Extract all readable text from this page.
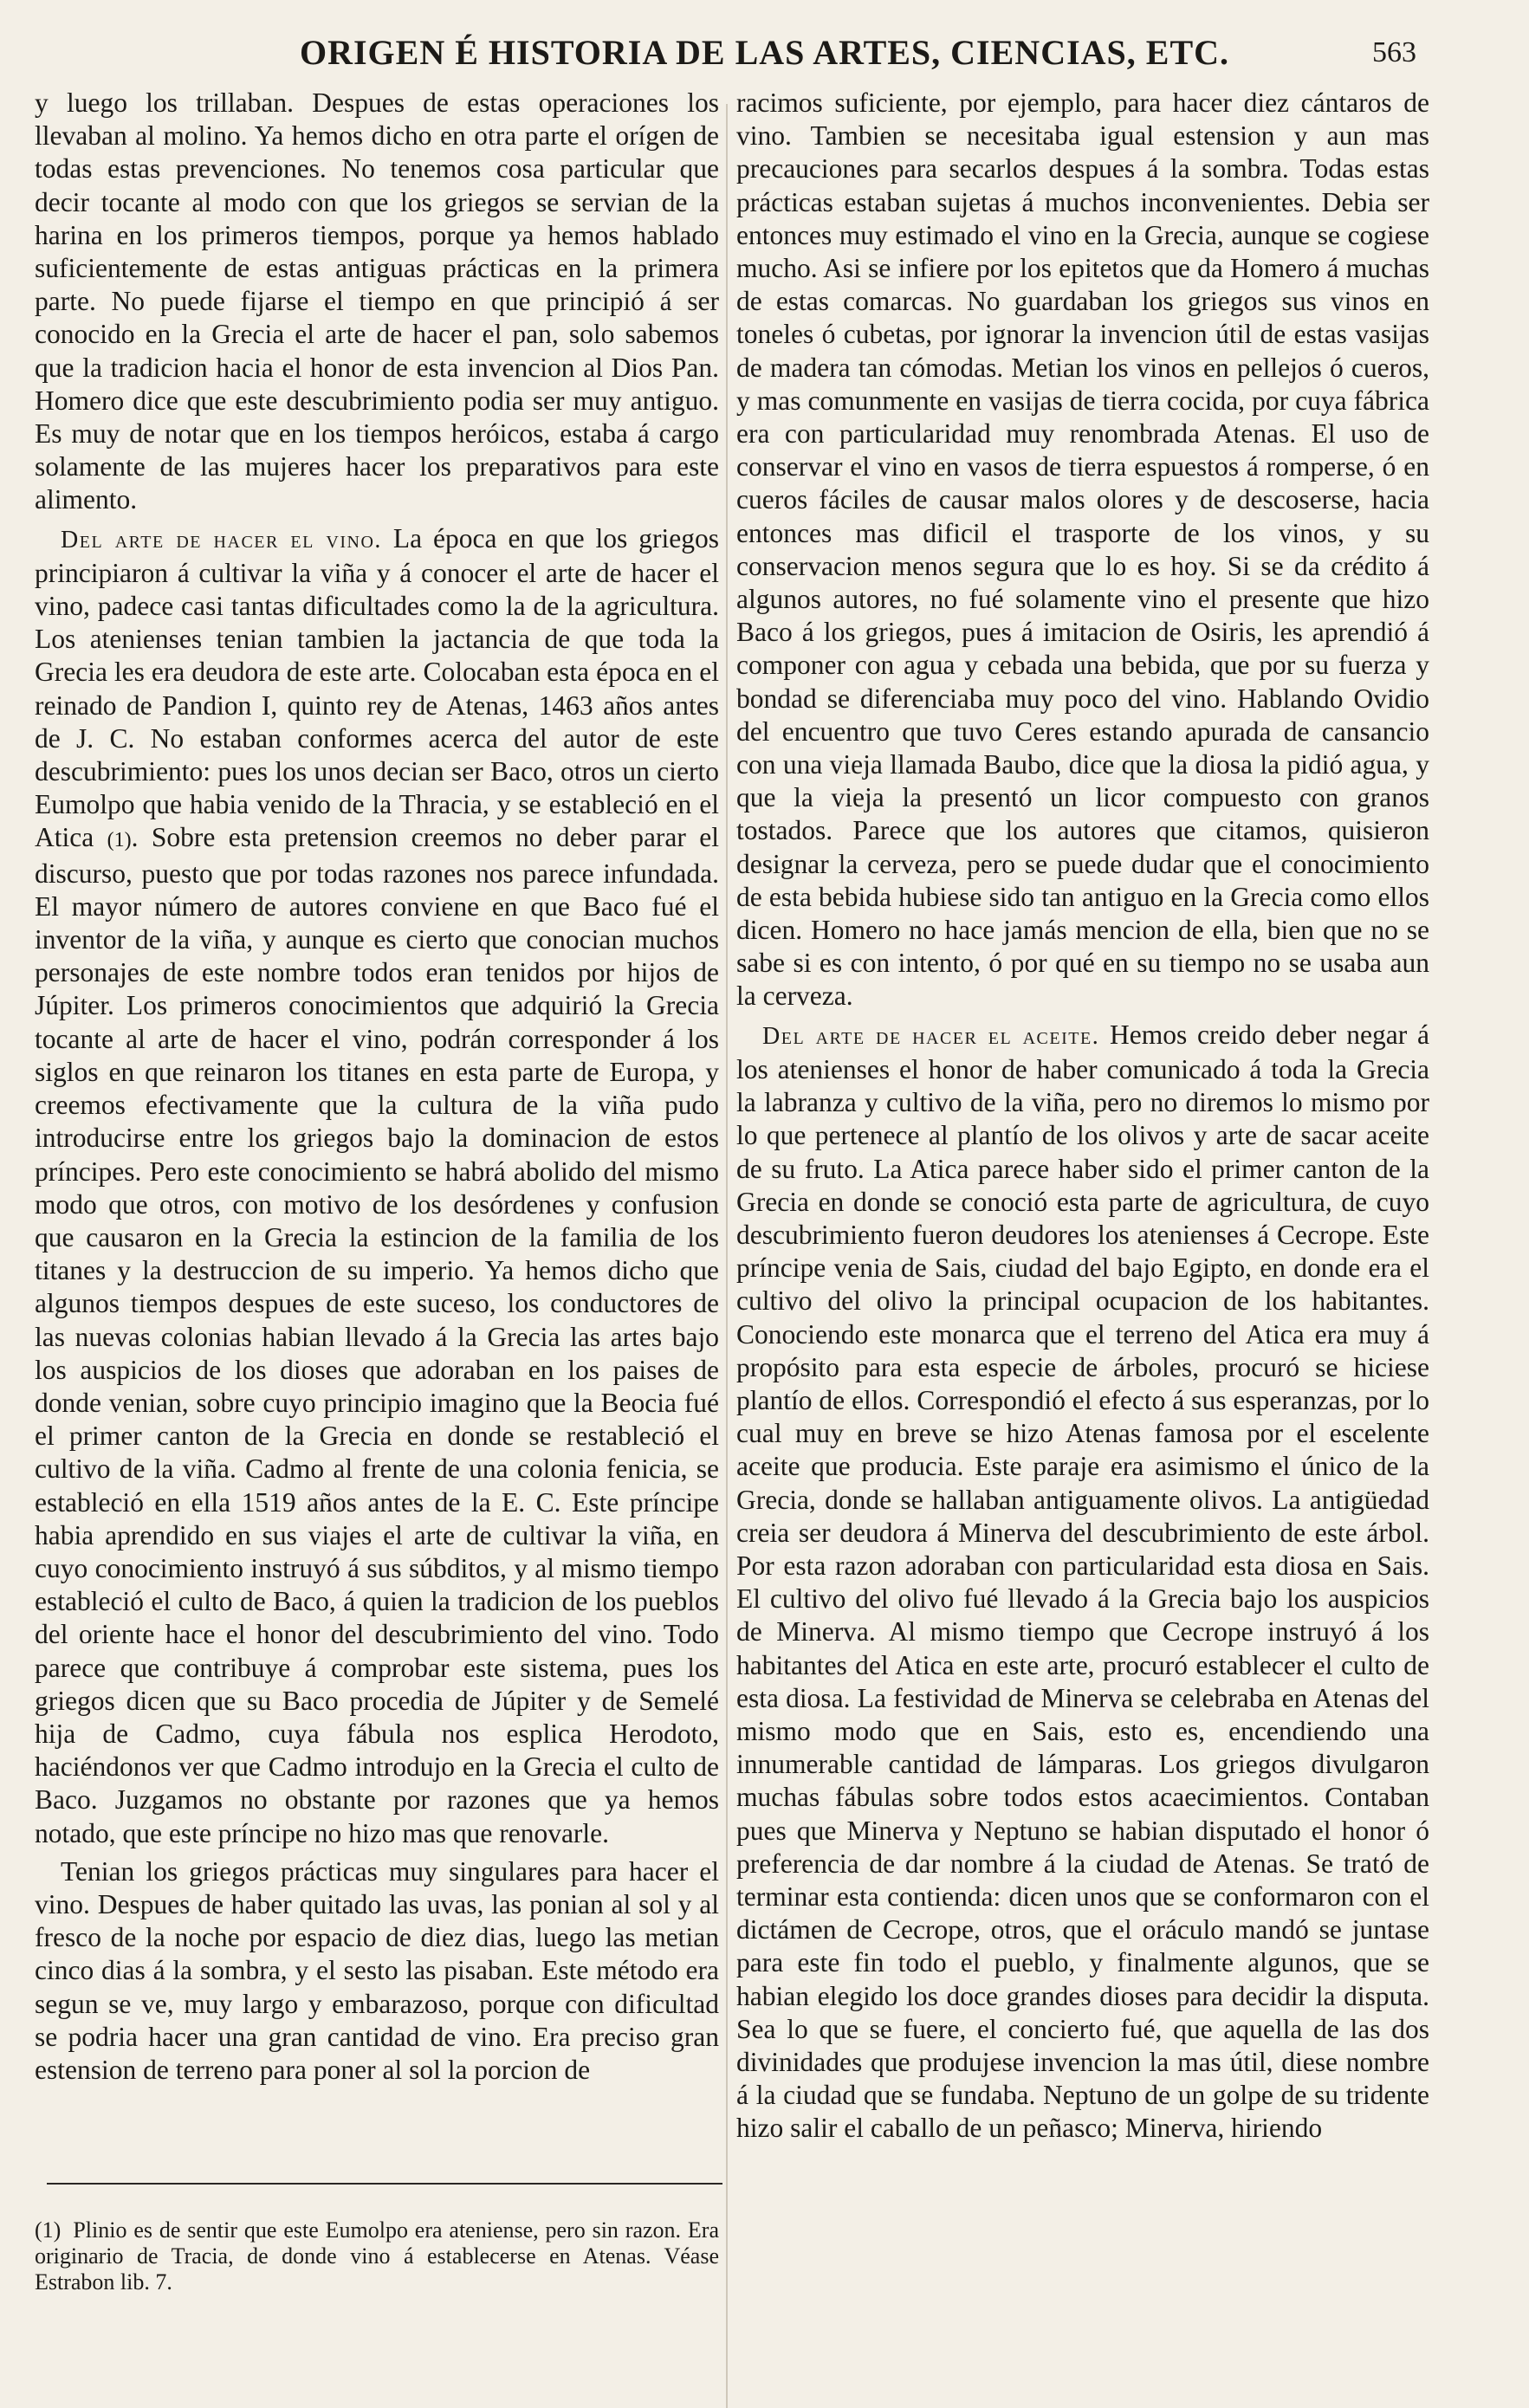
ORIGEN É HISTORIA DE LAS ARTES, CIENCIAS, ETC.	563

y luego los trillaban. Despues de estas operaciones los llevaban al molino. Ya hemos dicho en otra parte el orígen de todas estas prevenciones. No tenemos cosa particular que decir tocante al modo con que los griegos se servian de la harina en los primeros tiempos, porque ya hemos hablado suficientemente de estas antiguas prácticas en la primera parte. No puede fijarse el tiempo en que principió á ser conocido en la Grecia el arte de hacer el pan, solo sabemos que la tradicion hacia el honor de esta invencion al Dios Pan. Homero dice que este descubrimiento podia ser muy antiguo. Es muy de notar que en los tiempos heróicos, estaba á cargo solamente de las mujeres hacer los preparativos para este alimento.

Del arte de hacer el vino. La época en que los griegos principiaron á cultivar la viña y á conocer el arte de hacer el vino, padece casi tantas dificultades como la de la agricultura. Los atenienses tenian tambien la jactancia de que toda la Grecia les era deudora de este arte. Colocaban esta época en el reinado de Pandion I, quinto rey de Atenas, 1463 años antes de J. C. No estaban conformes acerca del autor de este descubrimiento: pues los unos decian ser Baco, otros un cierto Eumolpo que habia venido de la Thracia, y se estableció en el Atica (1). Sobre esta pretension creemos no deber parar el discurso, puesto que por todas razones nos parece infundada. El mayor número de autores conviene en que Baco fué el inventor de la viña, y aunque es cierto que conocian muchos personajes de este nombre todos eran tenidos por hijos de Júpiter. Los primeros conocimientos que adquirió la Grecia tocante al arte de hacer el vino, podrán corresponder á los siglos en que reinaron los titanes en esta parte de Europa, y creemos efectivamente que la cultura de la viña pudo introducirse entre los griegos bajo la dominacion de estos príncipes. Pero este conocimiento se habrá abolido del mismo modo que otros, con motivo de los desórdenes y confusion que causaron en la Grecia la estincion de la familia de los titanes y la destruccion de su imperio. Ya hemos dicho que algunos tiempos despues de este suceso, los conductores de las nuevas colonias habian llevado á la Grecia las artes bajo los auspicios de los dioses que adoraban en los paises de donde venian, sobre cuyo principio imagino que la Beocia fué el primer canton de la Grecia en donde se restableció el cultivo de la viña. Cadmo al frente de una colonia fenicia, se estableció en ella 1519 años antes de la E. C. Este príncipe habia aprendido en sus viajes el arte de cultivar la viña, en cuyo conocimiento instruyó á sus súbditos, y al mismo tiempo estableció el culto de Baco, á quien la tradicion de los pueblos del oriente hace el honor del descubrimiento del vino. Todo parece que contribuye á comprobar este sistema, pues los griegos dicen que su Baco procedia de Júpiter y de Semelé hija de Cadmo, cuya fábula nos esplica Herodoto, haciéndonos ver que Cadmo introdujo en la Grecia el culto de Baco. Juzgamos no obstante por razones que ya hemos notado, que este príncipe no hizo mas que renovarle.

Tenian los griegos prácticas muy singulares para hacer el vino. Despues de haber quitado las uvas, las ponian al sol y al fresco de la noche por espacio de diez dias, luego las metian cinco dias á la sombra, y el sesto las pisaban. Este método era segun se ve, muy largo y embarazoso, porque con dificultad se podria hacer una gran cantidad de vino. Era preciso gran estension de terreno para poner al sol la porcion de

(1) Plinio es de sentir que este Eumolpo era ateniense, pero sin razon. Era originario de Tracia, de donde vino á establecerse en Atenas. Véase Estrabon lib. 7.

racimos suficiente, por ejemplo, para hacer diez cántaros de vino. Tambien se necesitaba igual estension y aun mas precauciones para secarlos despues á la sombra. Todas estas prácticas estaban sujetas á muchos inconvenientes. Debia ser entonces muy estimado el vino en la Grecia, aunque se cogiese mucho. Asi se infiere por los epitetos que da Homero á muchas de estas comarcas. No guardaban los griegos sus vinos en toneles ó cubetas, por ignorar la invencion útil de estas vasijas de madera tan cómodas. Metian los vinos en pellejos ó cueros, y mas comunmente en vasijas de tierra cocida, por cuya fábrica era con particularidad muy renombrada Atenas. El uso de conservar el vino en vasos de tierra espuestos á romperse, ó en cueros fáciles de causar malos olores y de descoserse, hacia entonces mas dificil el trasporte de los vinos, y su conservacion menos segura que lo es hoy. Si se da crédito á algunos autores, no fué solamente vino el presente que hizo Baco á los griegos, pues á imitacion de Osiris, les aprendió á componer con agua y cebada una bebida, que por su fuerza y bondad se diferenciaba muy poco del vino. Hablando Ovidio del encuentro que tuvo Ceres estando apurada de cansancio con una vieja llamada Baubo, dice que la diosa la pidió agua, y que la vieja la presentó un licor compuesto con granos tostados. Parece que los autores que citamos, quisieron designar la cerveza, pero se puede dudar que el conocimiento de esta bebida hubiese sido tan antiguo en la Grecia como ellos dicen. Homero no hace jamás mencion de ella, bien que no se sabe si es con intento, ó por qué en su tiempo no se usaba aun la cerveza.

Del arte de hacer el aceite. Hemos creido deber negar á los atenienses el honor de haber comunicado á toda la Grecia la labranza y cultivo de la viña, pero no diremos lo mismo por lo que pertenece al plantío de los olivos y arte de sacar aceite de su fruto. La Atica parece haber sido el primer canton de la Grecia en donde se conoció esta parte de agricultura, de cuyo descubrimiento fueron deudores los atenienses á Cecrope. Este príncipe venia de Sais, ciudad del bajo Egipto, en donde era el cultivo del olivo la principal ocupacion de los habitantes. Conociendo este monarca que el terreno del Atica era muy á propósito para esta especie de árboles, procuró se hiciese plantío de ellos. Correspondió el efecto á sus esperanzas, por lo cual muy en breve se hizo Atenas famosa por el escelente aceite que producia. Este paraje era asimismo el único de la Grecia, donde se hallaban antiguamente olivos. La antigüedad creia ser deudora á Minerva del descubrimiento de este árbol. Por esta razon adoraban con particularidad esta diosa en Sais. El cultivo del olivo fué llevado á la Grecia bajo los auspicios de Minerva. Al mismo tiempo que Cecrope instruyó á los habitantes del Atica en este arte, procuró establecer el culto de esta diosa. La festividad de Minerva se celebraba en Atenas del mismo modo que en Sais, esto es, encendiendo una innumerable cantidad de lámparas. Los griegos divulgaron muchas fábulas sobre todos estos acaecimientos. Contaban pues que Minerva y Neptuno se habian disputado el honor ó preferencia de dar nombre á la ciudad de Atenas. Se trató de terminar esta contienda: dicen unos que se conformaron con el dictámen de Cecrope, otros, que el oráculo mandó se juntase para este fin todo el pueblo, y finalmente algunos, que se habian elegido los doce grandes dioses para decidir la disputa. Sea lo que se fuere, el concierto fué, que aquella de las dos divinidades que produjese invencion la mas útil, diese nombre á la ciudad que se fundaba. Neptuno de un golpe de su tridente hizo salir el caballo de un peñasco; Minerva, hiriendo
